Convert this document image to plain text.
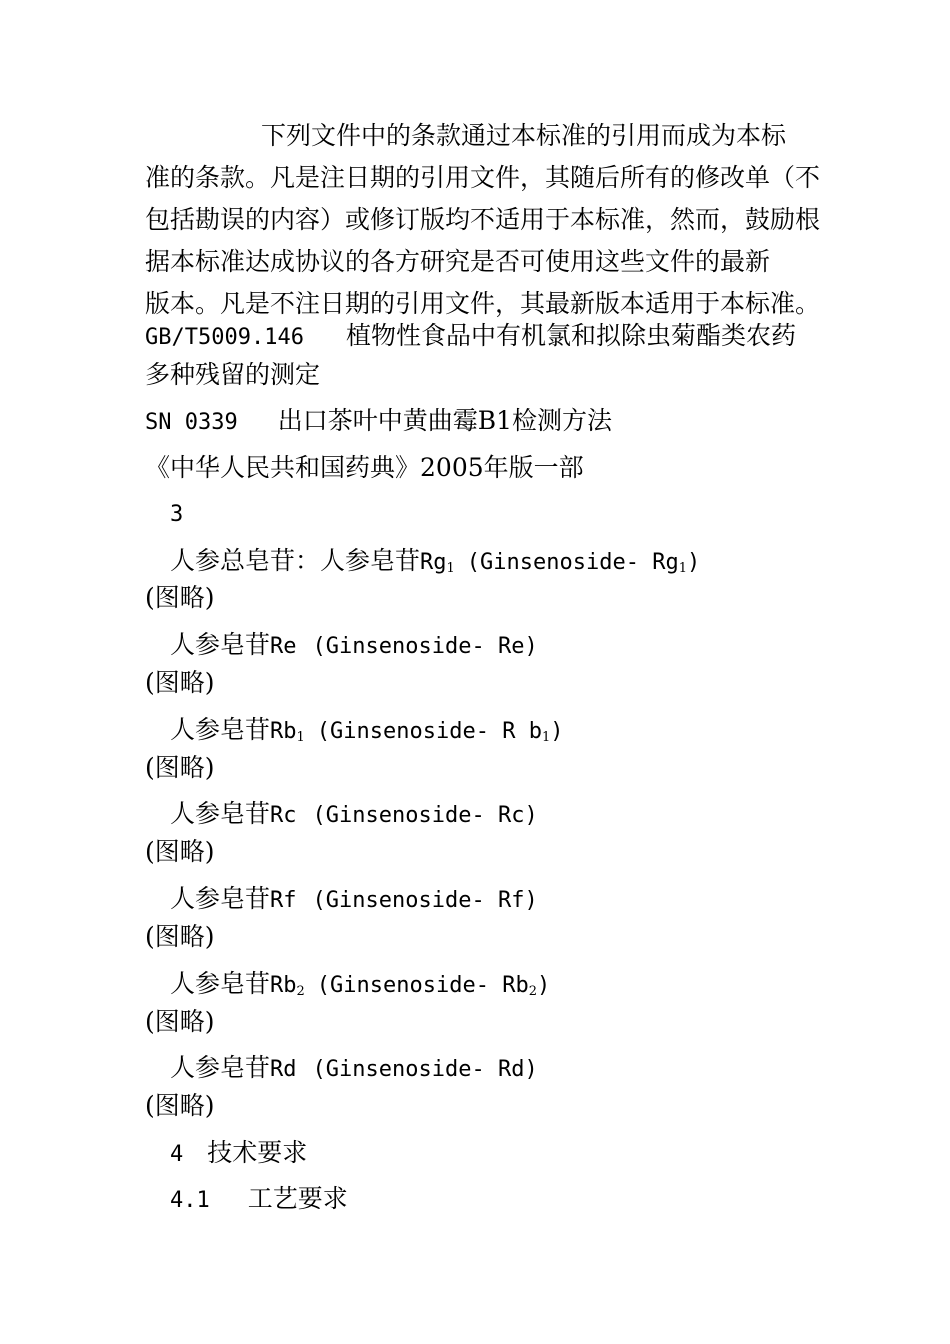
下列文件中的条款通过本标准的引用而成为本标
准的条款。凡是注日期的引用文件，其随后所有的修改单（不
包括勘误的内容）或修订版均不适用于本标准，然而，鼓励根
据本标准达成协议的各方研究是否可使用这些文件的最新
版本。凡是不注日期的引用文件，其最新版本适用于本标准。
GB/T5009.146 植物性食品中有机氯和拟除虫菊酯类农药
多种残留的测定
SN 0339 出口茶叶中黄曲霉B1检测方法
《中华人民共和国药典》2005年版一部
3
人参总皂苷：人参皂苷$Rg_1$ (Ginsenoside- $Rg_1$)
(图略)
人参皂苷Re (Ginsenoside- Re)
(图略)
人参皂苷$Rb_1$ (Ginsenoside- R $b_1$)
(图略)
人参皂苷Rc (Ginsenoside- Rc)
(图略)
人参皂苷Rf (Ginsenoside- Rf)
(图略)
人参皂苷$Rb_2$ (Ginsenoside- $Rb_2$)
(图略)
人参皂苷Rd (Ginsenoside- Rd)
(图略)
4 技术要求
4.1 工艺要求
